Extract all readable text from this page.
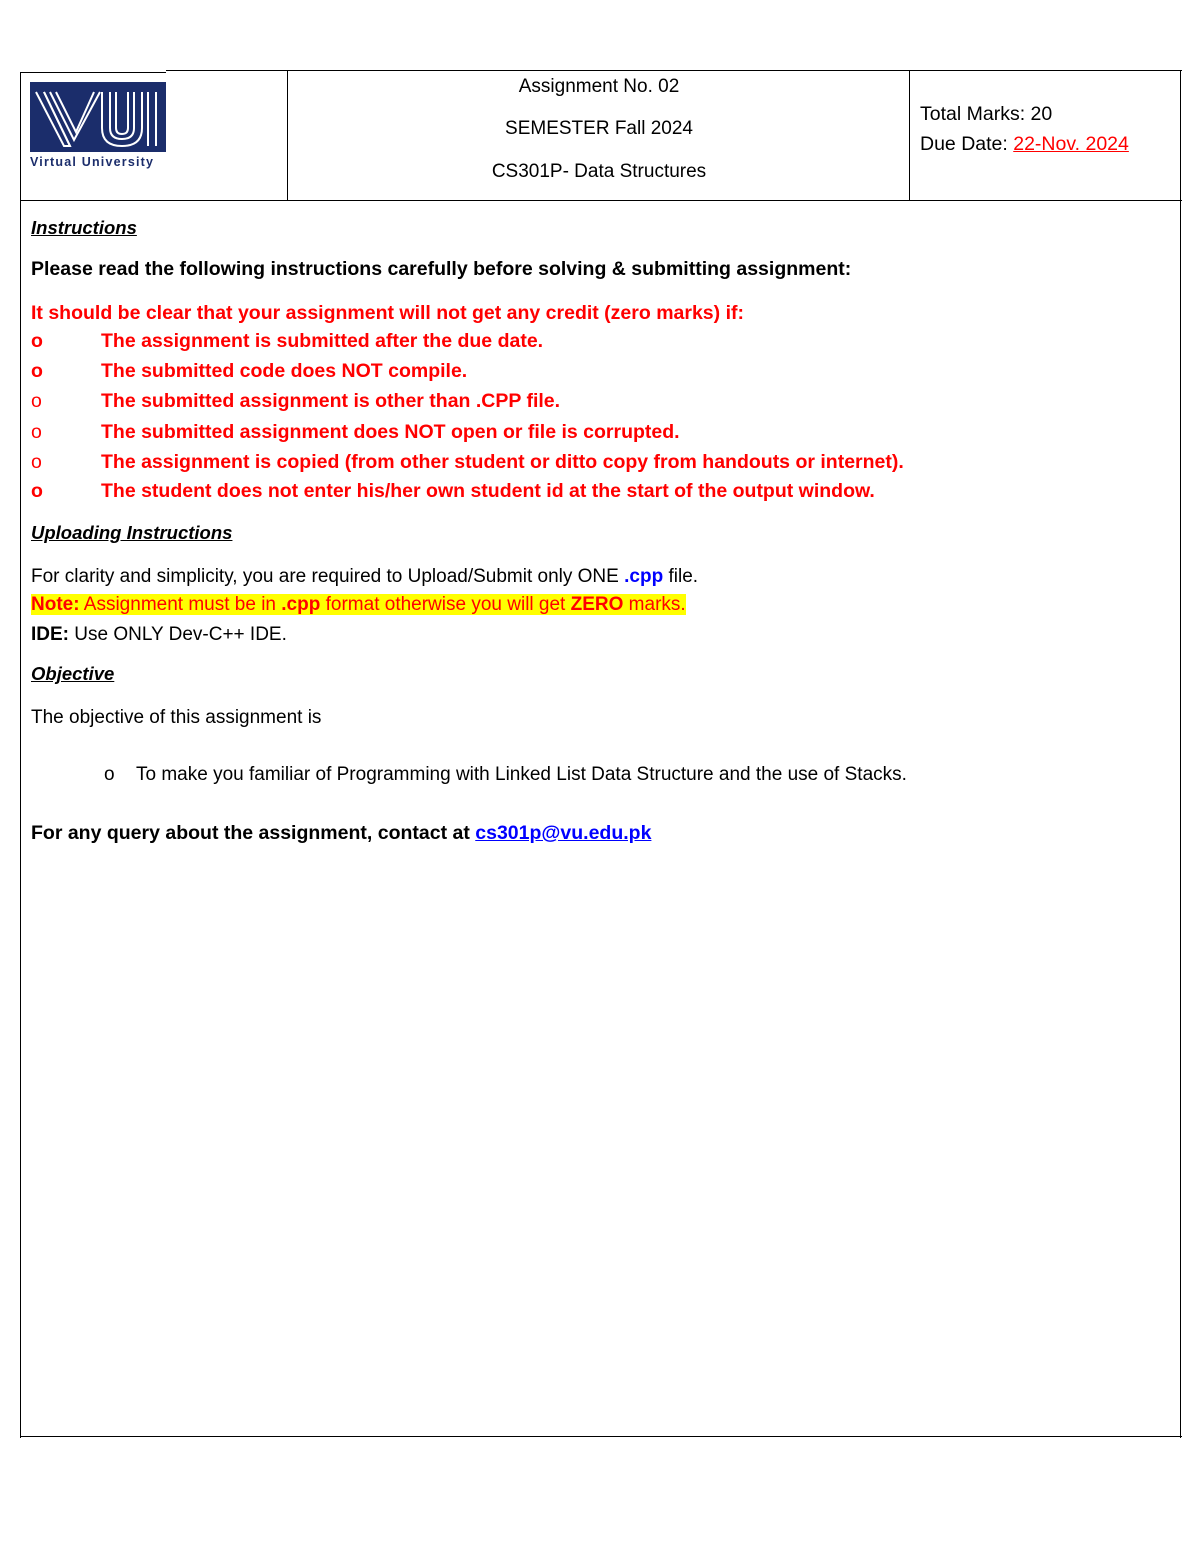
Virtual University
Assignment No. 02
SEMESTER Fall 2024
CS301P- Data Structures
Total Marks: 20
Due Date: 22-Nov. 2024
Instructions
Please read the following instructions carefully before solving & submitting assignment:
It should be clear that your assignment will not get any credit (zero marks) if:
o	The assignment is submitted after the due date.
o	The submitted code does NOT compile.
o	The submitted assignment is other than .CPP file.
o	The submitted assignment does NOT open or file is corrupted.
o	The assignment is copied (from other student or ditto copy from handouts or internet).
o	The student does not enter his/her own student id at the start of the output window.
Uploading Instructions
For clarity and simplicity, you are required to Upload/Submit only ONE .cpp file.
Note: Assignment must be in .cpp format otherwise you will get ZERO marks.
IDE: Use ONLY Dev-C++ IDE.
Objective
The objective of this assignment is
o To make you familiar of Programming with Linked List Data Structure and the use of Stacks.
For any query about the assignment, contact at cs301p@vu.edu.pk
